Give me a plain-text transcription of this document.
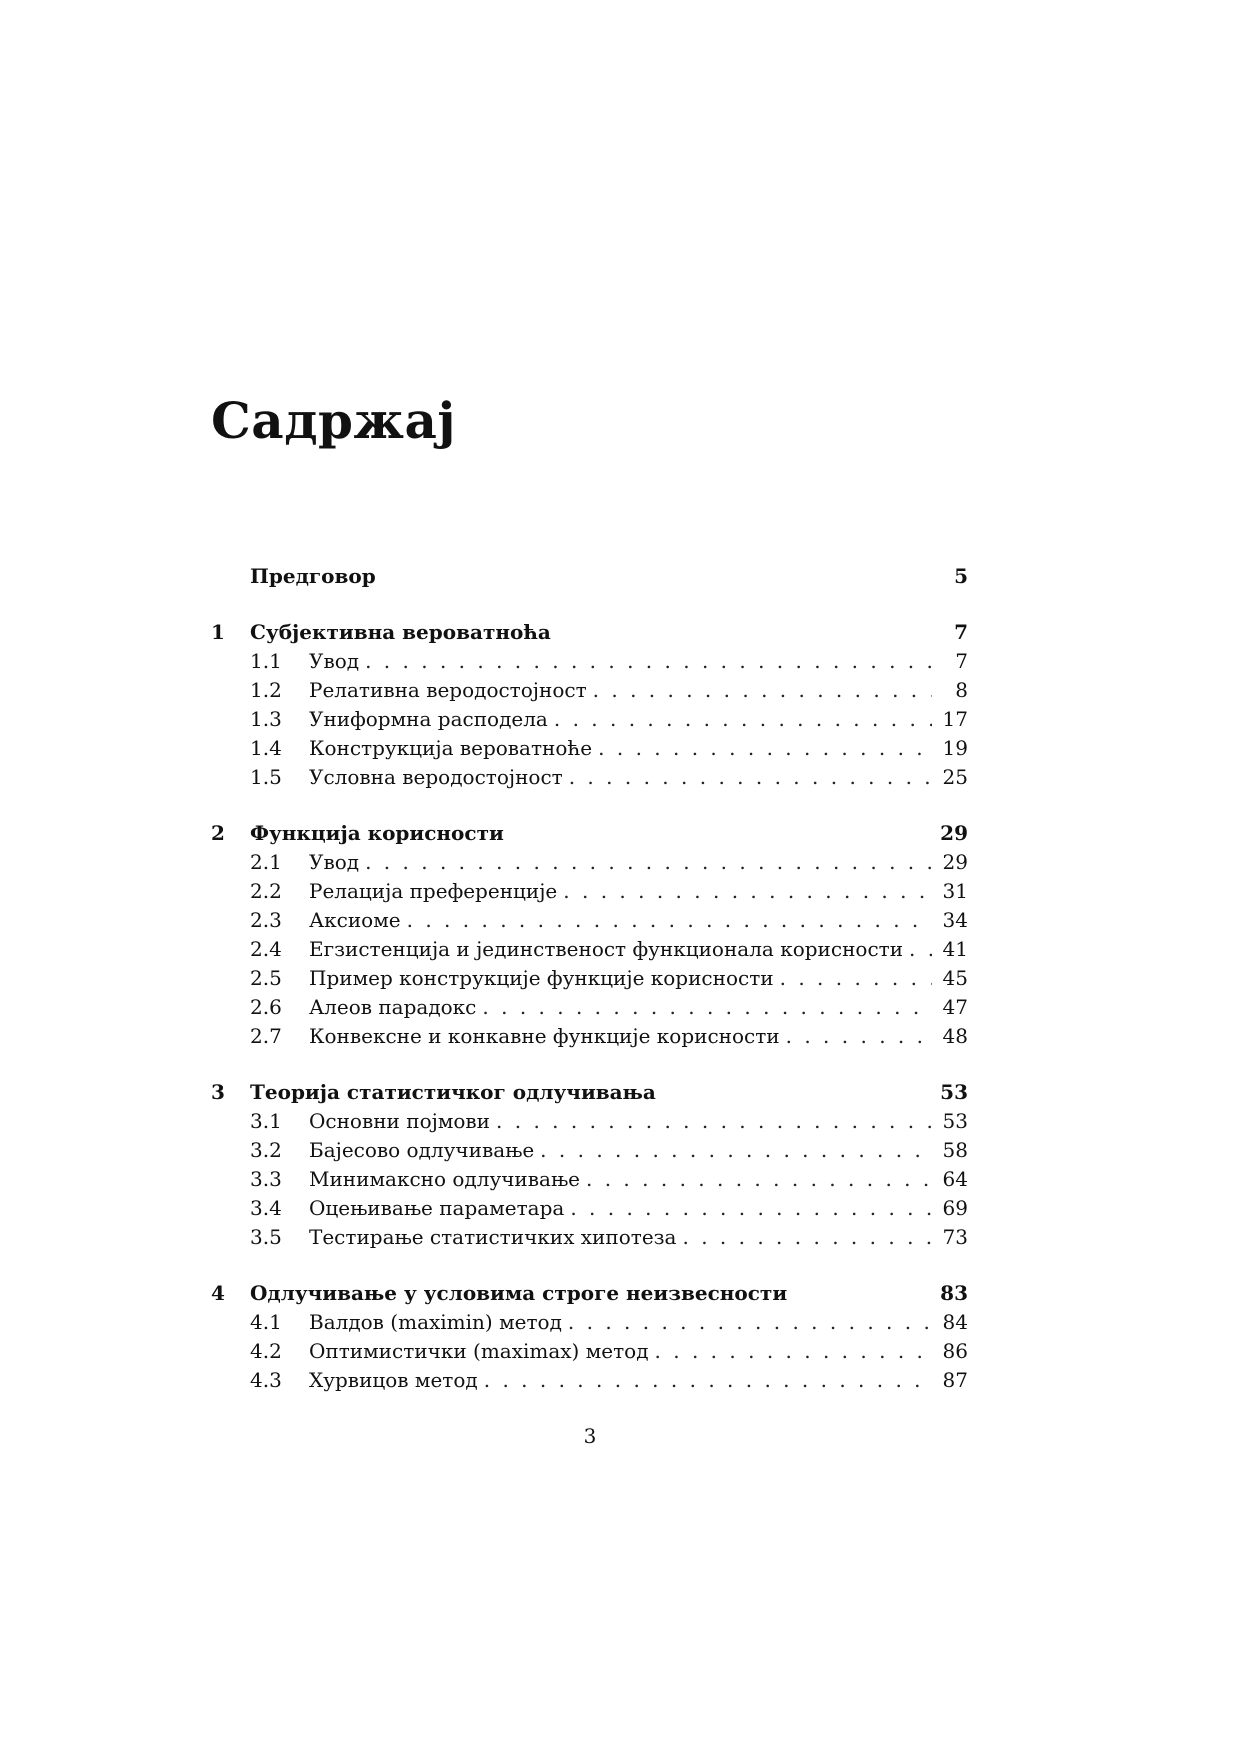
Садржај
Предговор	5
1	Субјективна вероватноћа	7
1.1	Увод . . .	7
1.2	Релативна веродостојност . . .	8
1.3	Униформна расподела . . .	17
1.4	Конструкција вероватноће . . .	19
1.5	Условна веродостојност . . .	25
2	Функција корисности	29
2.1	Увод . . .	29
2.2	Релација преференције . . .	31
2.3	Аксиоме . . .	34
2.4	Егзистенција и јединственост функционала корисности . . . 41
2.5	Пример конструкције функције корисности . . .	45
2.6	Алеов парадокс . . .	47
2.7	Конвексне и конкавне функције корисности . . .	48
3	Теорија статистичког одлучивања	53
3.1	Основни појмови . . .	53
3.2	Бајесово одлучивање . . .	58
3.3	Минимаксно одлучивање . . .	64
3.4	Оцењивање параметара . . .	69
3.5	Тестирање статистичких хипотеза . . .	73
4	Одлучивање у условима строге неизвесности	83
4.1	Валдов (maximin) метод . . .	84
4.2	Оптимистички (maximax) метод . . .	86
4.3	Хурвицов метод . . .	87
3
